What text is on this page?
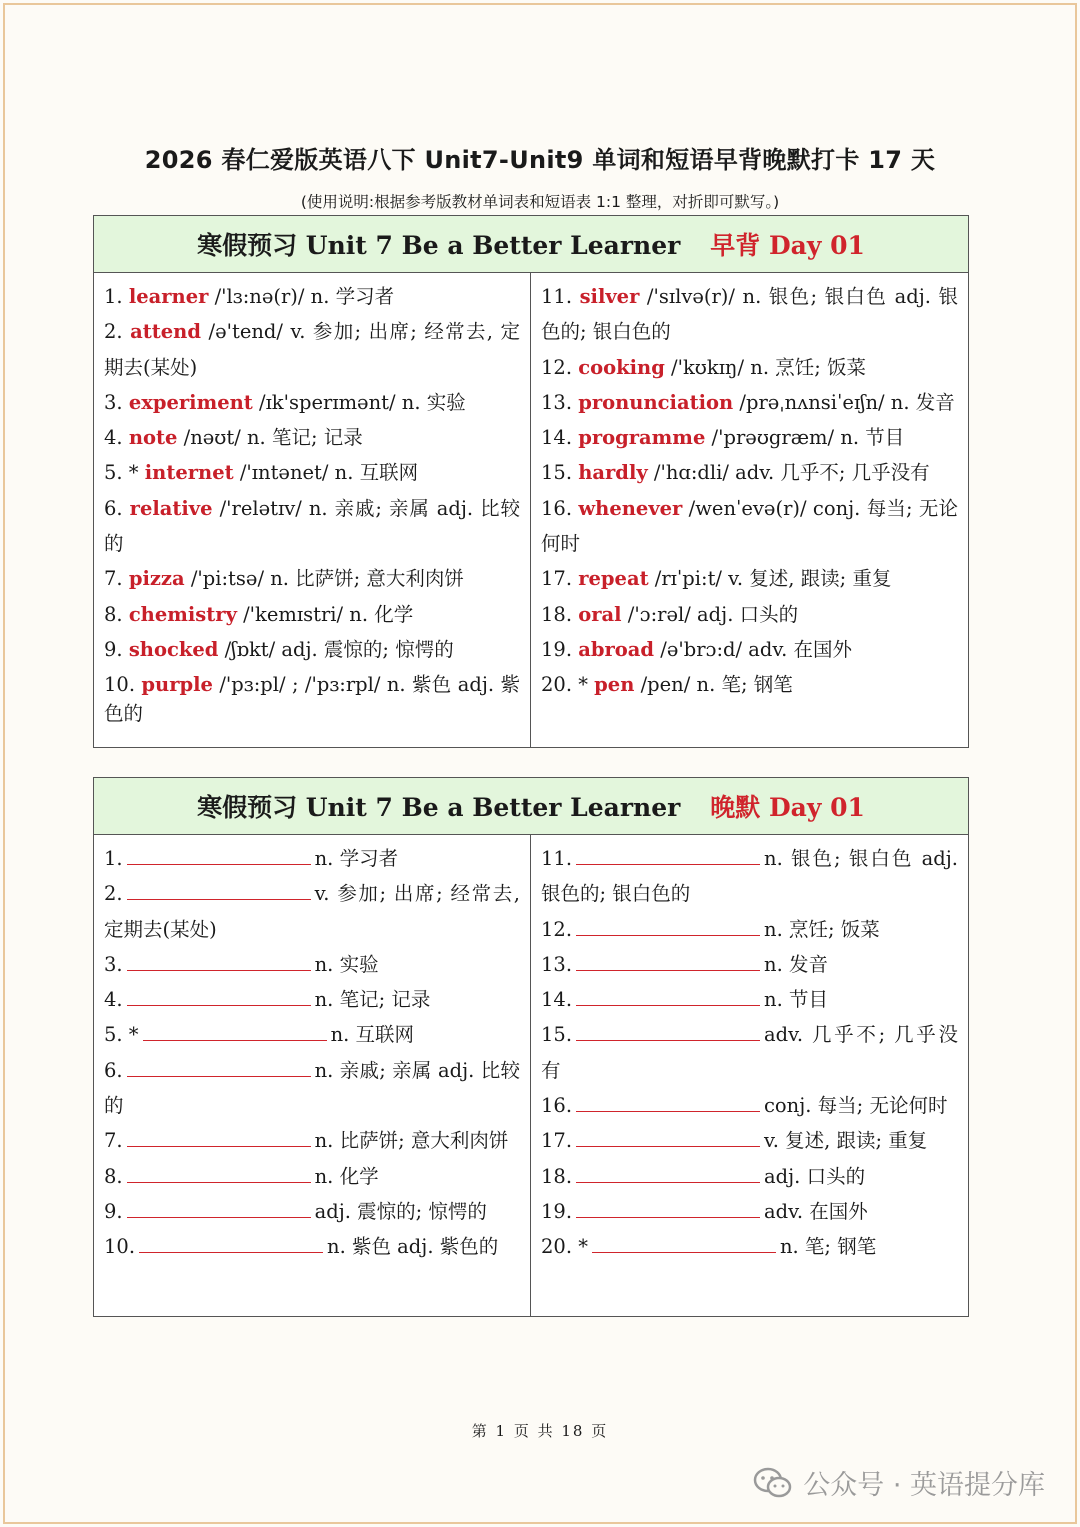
2026 春仁爱版英语八下 Unit7-Unit9 单词和短语早背晚默打卡 17 天
(使用说明:根据参考版教材单词表和短语表 1:1 整理，对折即可默写。)
寒假预习 Unit 7 Be a Better Learner 早背 Day 01
1. learner /'lɜ:nə(r)/ n. 学习者
2. attend /ə'tend/ v. 参加; 出席; 经常去, 定期去(某处)
3. experiment /ɪk'sperɪmənt/ n. 实验
4. note /nəʊt/ n. 笔记; 记录
5. * internet /'ɪntənet/ n. 互联网
6. relative /'relətɪv/ n. 亲戚; 亲属 adj. 比较的
7. pizza /'pi:tsə/ n. 比萨饼; 意大利肉饼
8. chemistry /'kemɪstri/ n. 化学
9. shocked /ʃɒkt/ adj. 震惊的; 惊愕的
10. purple /'pɜ:pl/ ; /'pɜ:rpl/ n. 紫色 adj. 紫色的
11. silver /'sɪlvə(r)/ n. 银色; 银白色 adj. 银色的; 银白色的
12. cooking /'kʊkɪŋ/ n. 烹饪; 饭菜
13. pronunciation /prəˌnʌnsiˈeɪʃn/ n. 发音
14. programme /'prəʊgræm/ n. 节目
15. hardly /'hɑ:dli/ adv. 几乎不; 几乎没有
16. whenever /wenˈevə(r)/ conj. 每当; 无论何时
17. repeat /rɪˈpi:t/ v. 复述, 跟读; 重复
18. oral /'ɔ:rəl/ adj. 口头的
19. abroad /ə'brɔ:d/ adv. 在国外
20. * pen /pen/ n. 笔; 钢笔
寒假预习 Unit 7 Be a Better Learner 晚默 Day 01
1.	n. 学习者
2.	v. 参加; 出席; 经常去, 定期去(某处)
3.	n. 实验
4.	n. 笔记; 记录
5. *	n. 互联网
6.	n. 亲戚; 亲属 adj. 比较的
7.	n. 比萨饼; 意大利肉饼
8.	n. 化学
9.	adj. 震惊的; 惊愕的
10.	n. 紫色 adj. 紫色的
11.	n. 银色; 银白色 adj. 银色的; 银白色的
12.	n. 烹饪; 饭菜
13.	n. 发音
14.	n. 节目
15.	adv. 几乎不; 几乎没有
16.	conj. 每当; 无论何时
17.	v. 复述, 跟读; 重复
18.	adj. 口头的
19.	adv. 在国外
20. *	n. 笔; 钢笔
第 1 页 共 18 页
公众号 · 英语提分库
